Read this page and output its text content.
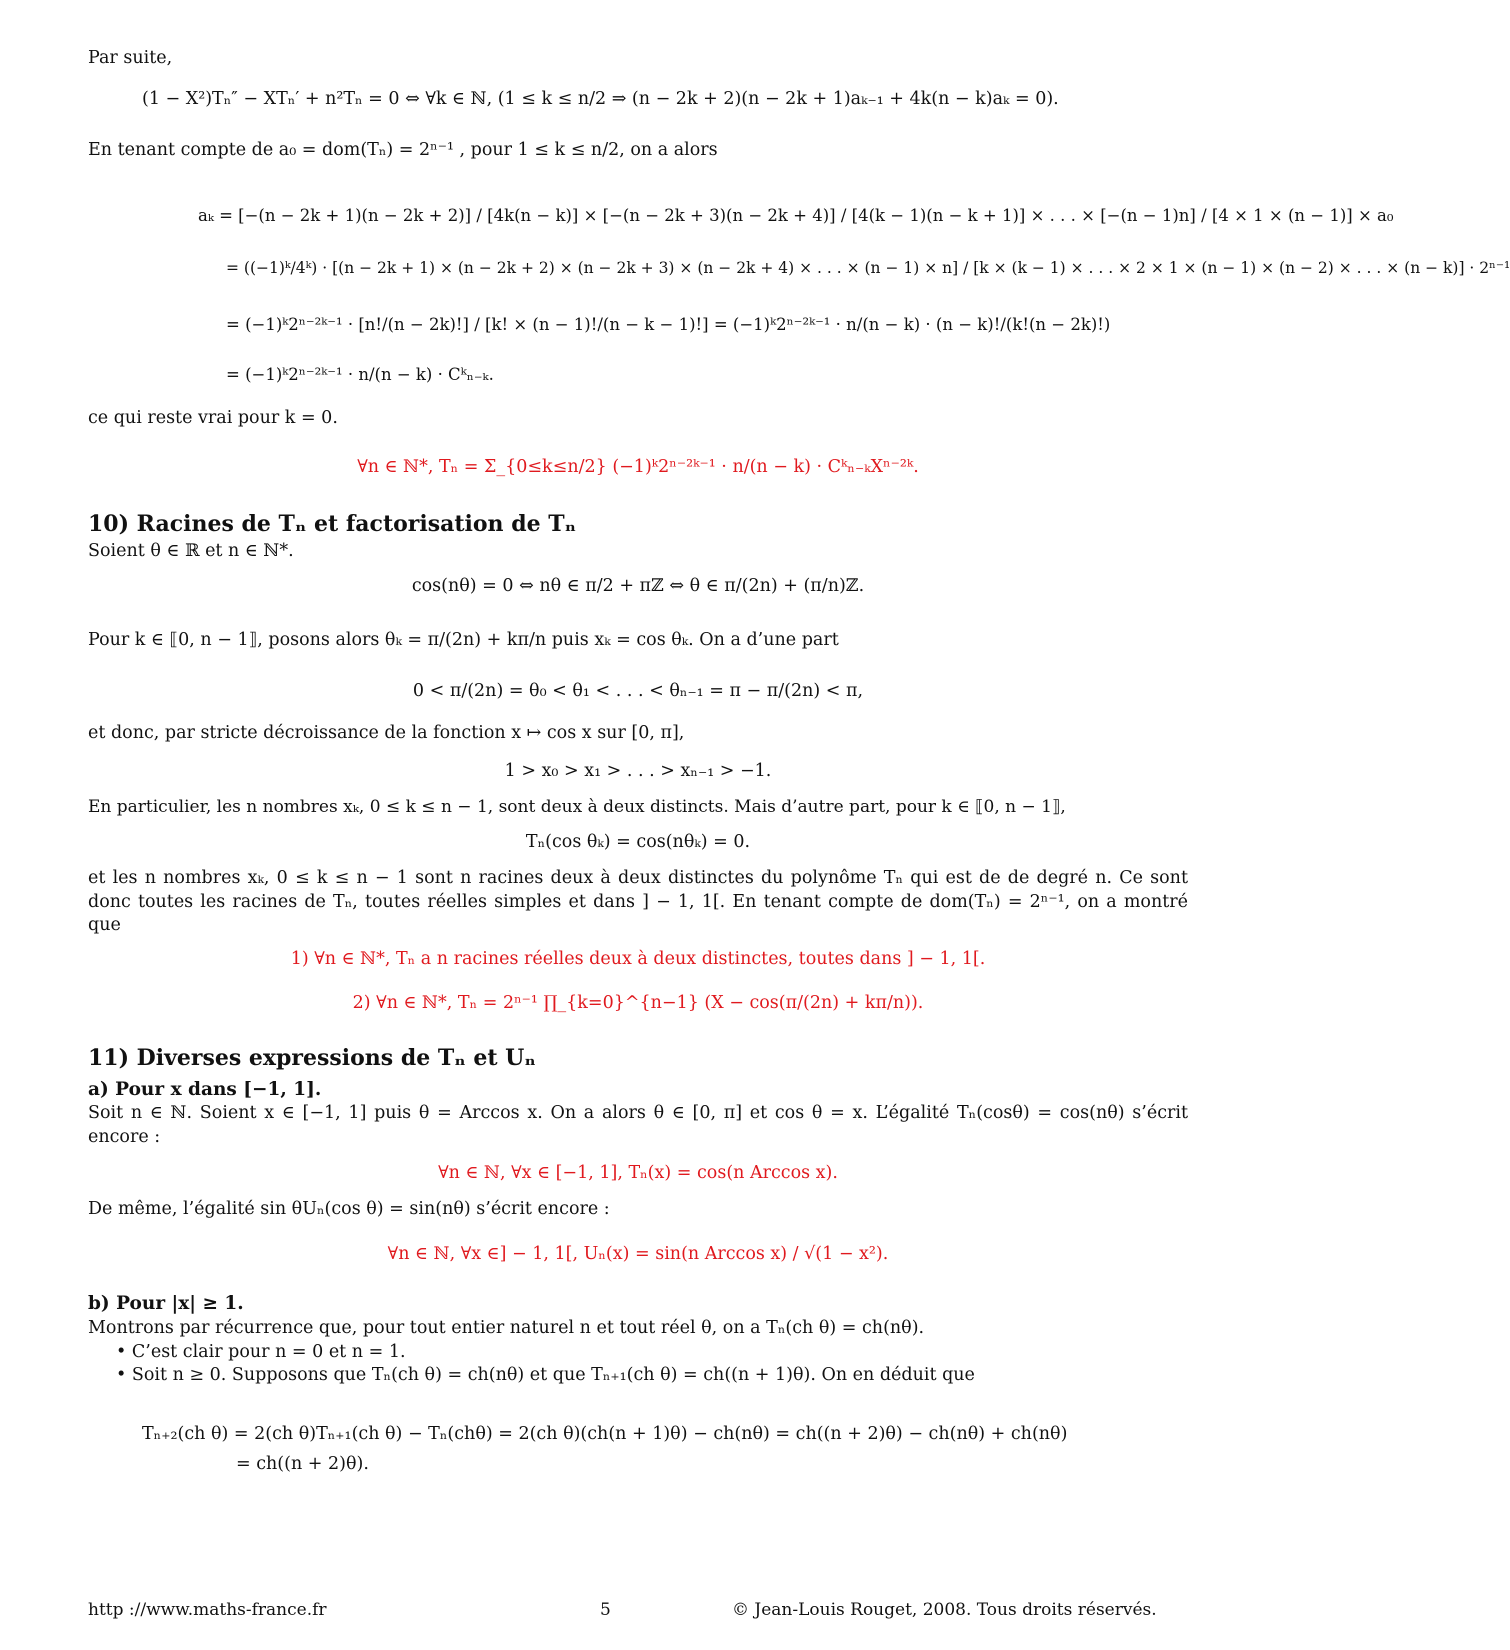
Par suite,
(1 − X²)Tₙ″ − XTₙ′ + n²Tₙ = 0 ⇔ ∀k ∈ ℕ, (1 ≤ k ≤ n/2 ⇒ (n − 2k + 2)(n − 2k + 1)aₖ₋₁ + 4k(n − k)aₖ = 0).
En tenant compte de a₀ = dom(Tₙ) = 2ⁿ⁻¹ , pour 1 ≤ k ≤ n/2, on a alors
aₖ = [−(n − 2k + 1)(n − 2k + 2)] / [4k(n − k)] × [−(n − 2k + 3)(n − 2k + 4)] / [4(k − 1)(n − k + 1)] × . . . × [−(n − 1)n] / [4 × 1 × (n − 1)] × a₀
= ((−1)ᵏ/4ᵏ) · [(n − 2k + 1) × (n − 2k + 2) × (n − 2k + 3) × (n − 2k + 4) × . . . × (n − 1) × n] / [k × (k − 1) × . . . × 2 × 1 × (n − 1) × (n − 2) × . . . × (n − k)] · 2ⁿ⁻¹
= (−1)ᵏ2ⁿ⁻²ᵏ⁻¹ · [n!/(n − 2k)!] / [k! × (n − 1)!/(n − k − 1)!] = (−1)ᵏ2ⁿ⁻²ᵏ⁻¹ · n/(n − k) · (n − k)!/(k!(n − 2k)!)
= (−1)ᵏ2ⁿ⁻²ᵏ⁻¹ · n/(n − k) · Cᵏₙ₋ₖ.
ce qui reste vrai pour k = 0.
∀n ∈ ℕ*, Tₙ = Σ_{0≤k≤n/2} (−1)ᵏ2ⁿ⁻²ᵏ⁻¹ · n/(n − k) · Cᵏₙ₋ₖXⁿ⁻²ᵏ.
10) Racines de Tₙ et factorisation de Tₙ
Soient θ ∈ ℝ et n ∈ ℕ*.
cos(nθ) = 0 ⇔ nθ ∈ π/2 + πℤ ⇔ θ ∈ π/(2n) + (π/n)ℤ.
Pour k ∈ ⟦0, n − 1⟧, posons alors θₖ = π/(2n) + kπ/n puis xₖ = cos θₖ. On a d’une part
0 < π/(2n) = θ₀ < θ₁ < . . . < θₙ₋₁ = π − π/(2n) < π,
et donc, par stricte décroissance de la fonction x ↦ cos x sur [0, π],
1 > x₀ > x₁ > . . . > xₙ₋₁ > −1.
En particulier, les n nombres xₖ, 0 ≤ k ≤ n − 1, sont deux à deux distincts. Mais d’autre part, pour k ∈ ⟦0, n − 1⟧,
Tₙ(cos θₖ) = cos(nθₖ) = 0.
et les n nombres xₖ, 0 ≤ k ≤ n − 1 sont n racines deux à deux distinctes du polynôme Tₙ qui est de de degré n. Ce sont donc toutes les racines de Tₙ, toutes réelles simples et dans ] − 1, 1[. En tenant compte de dom(Tₙ) = 2ⁿ⁻¹, on a montré que
1) ∀n ∈ ℕ*, Tₙ a n racines réelles deux à deux distinctes, toutes dans ] − 1, 1[.
2) ∀n ∈ ℕ*, Tₙ = 2ⁿ⁻¹ ∏_{k=0}^{n−1} (X − cos(π/(2n) + kπ/n)).
11) Diverses expressions de Tₙ et Uₙ
a) Pour x dans [−1, 1].
Soit n ∈ ℕ. Soient x ∈ [−1, 1] puis θ = Arccos x. On a alors θ ∈ [0, π] et cos θ = x. L’égalité Tₙ(cosθ) = cos(nθ) s’écrit encore :
∀n ∈ ℕ, ∀x ∈ [−1, 1], Tₙ(x) = cos(n Arccos x).
De même, l’égalité sin θUₙ(cos θ) = sin(nθ) s’écrit encore :
∀n ∈ ℕ, ∀x ∈] − 1, 1[, Uₙ(x) = sin(n Arccos x) / √(1 − x²).
b) Pour |x| ≥ 1.
Montrons par récurrence que, pour tout entier naturel n et tout réel θ, on a Tₙ(ch θ) = ch(nθ).
• C’est clair pour n = 0 et n = 1.
• Soit n ≥ 0. Supposons que Tₙ(ch θ) = ch(nθ) et que Tₙ₊₁(ch θ) = ch((n + 1)θ). On en déduit que
Tₙ₊₂(ch θ) = 2(ch θ)Tₙ₊₁(ch θ) − Tₙ(chθ) = 2(ch θ)(ch(n + 1)θ) − ch(nθ) = ch((n + 2)θ) − ch(nθ) + ch(nθ)
= ch((n + 2)θ).
http ://www.maths-france.fr	5	© Jean-Louis Rouget, 2008. Tous droits réservés.
